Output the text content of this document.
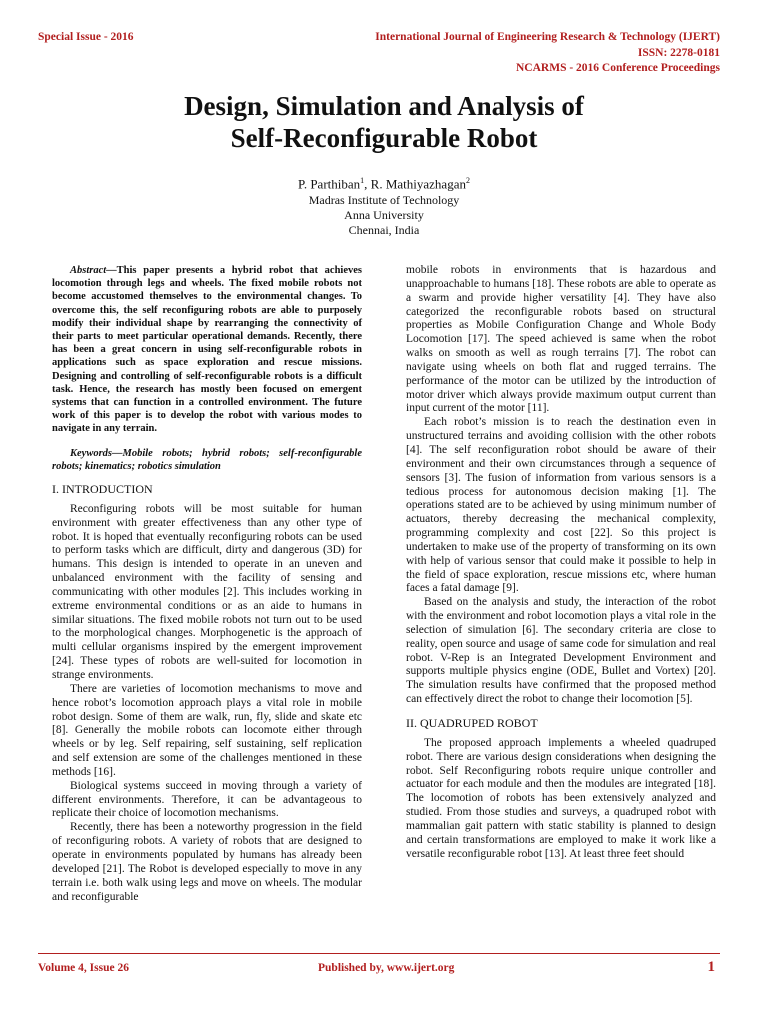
Special Issue - 2016	International Journal of Engineering Research & Technology (IJERT)
ISSN: 2278-0181
NCARMS - 2016 Conference Proceedings
Design, Simulation and Analysis of
Self-Reconfigurable Robot
P. Parthiban$^1$, R. Mathiyazhagan$^2$
Madras Institute of Technology
Anna University
Chennai, India

Abstract—This paper presents a hybrid robot that achieves locomotion through legs and wheels. The fixed mobile robots not become accustomed themselves to the environmental changes. To overcome this, the self reconfiguring robots are able to purposely modify their individual shape by rearranging the connectivity of their parts to meet particular operational demands. Recently, there has been a great concern in using self-reconfigurable robots in applications such as space exploration and rescue missions. Designing and controlling of self-reconfigurable robots is a difficult task. Hence, the research has mostly been focused on emergent systems that can function in a controlled environment. The future work of this paper is to develop the robot with various modes to navigate in any terrain.

Keywords—Mobile robots; hybrid robots; self-reconfigurable robots; kinematics; robotics simulation

I. INTRODUCTION

Reconfiguring robots will be most suitable for human environment with greater effectiveness than any other type of robot. It is hoped that eventually reconfiguring robots can be used to perform tasks which are difficult, dirty and dangerous (3D) for humans. This design is intended to operate in an uneven and unbalanced environment with the facility of sensing and communicating with other modules [2]. This includes working in extreme environmental conditions or as an aide to humans in similar situations. The fixed mobile robots not turn out to be used to the morphological changes. Morphogenetic is the approach of multi cellular organisms inspired by the emergent improvement [24]. These types of robots are well-suited for locomotion in strange environments.

There are varieties of locomotion mechanisms to move and hence robot’s locomotion approach plays a vital role in mobile robot design. Some of them are walk, run, fly, slide and skate etc [8]. Generally the mobile robots can locomote either through wheels or by leg. Self repairing, self sustaining, self replication and self extension are some of the challenges mentioned in these methods [16].

Biological systems succeed in moving through a variety of different environments. Therefore, it can be advantageous to replicate their choice of locomotion mechanisms.

Recently, there has been a noteworthy progression in the field of reconfiguring robots. A variety of robots that are designed to operate in environments populated by humans has already been developed [21]. The Robot is developed especially to move in any terrain i.e. both walk using legs and move on wheels. The modular and reconfigurable

mobile robots in environments that is hazardous and unapproachable to humans [18]. These robots are able to operate as a swarm and provide higher versatility [4]. They have also categorized the reconfigurable robots based on structural properties as Mobile Configuration Change and Whole Body Locomotion [17]. The speed achieved is same when the robot walks on smooth as well as rough terrains [7]. The robot can navigate using wheels on both flat and rugged terrains. The performance of the motor can be utilized by the introduction of motor driver which always provide maximum output current than input current of the motor [11].

Each robot’s mission is to reach the destination even in unstructured terrains and avoiding collision with the other robots [4]. The self reconfiguration robot should be aware of their environment and their own circumstances through a sequence of sensors [3]. The fusion of information from various sensors is a tedious process for autonomous decision making [1]. The operations stated are to be achieved by using minimum number of actuators, thereby decreasing the mechanical complexity, programming complexity and cost [22]. So this project is undertaken to make use of the property of transforming on its own with help of various sensor that could make it possible to help in the field of space exploration, rescue missions etc, where human faces a fatal damage [9].

Based on the analysis and study, the interaction of the robot with the environment and robot locomotion plays a vital role in the selection of simulation [6]. The secondary criteria are close to reality, open source and usage of same code for simulation and real robot. V-Rep is an Integrated Development Environment and supports multiple physics engine (ODE, Bullet and Vortex) [20]. The simulation results have confirmed that the proposed method can effectively direct the robot to change their locomotion [5].

II. QUADRUPED ROBOT

The proposed approach implements a wheeled quadruped robot. There are various design considerations when designing the robot. Self Reconfiguring robots require unique controller and actuator for each module and then the modules are integrated [18]. The locomotion of robots has been extensively analyzed and studied. From those studies and surveys, a quadruped robot with mammalian gait pattern with static stability is planned to design and certain transformations are employed to make it work like a versatile reconfigurable robot [13]. At least three feet should

Volume 4, Issue 26	Published by, www.ijert.org	1
